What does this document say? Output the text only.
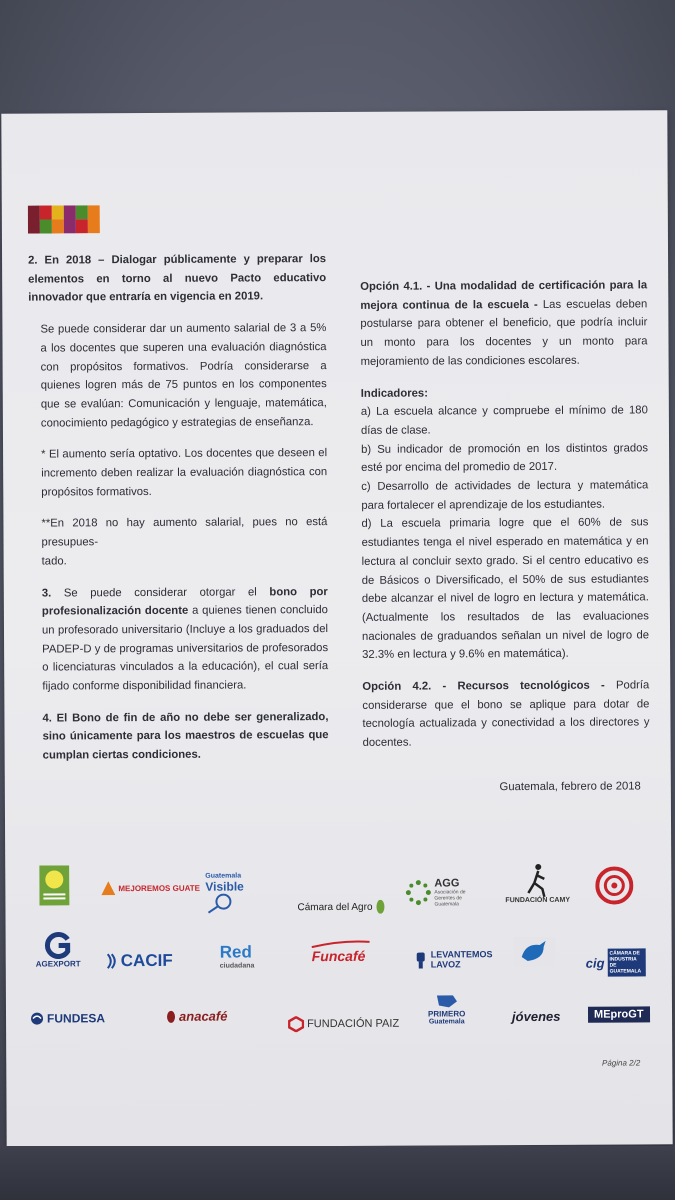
2. En 2018 – Dialogar públicamente y preparar los elementos en torno al nuevo Pacto educativo innovador que entraría en vigencia en 2019.

Se puede considerar dar un aumento salarial de 3 a 5% a los docentes que superen una evaluación diagnóstica con propósitos formativos. Podría considerarse a quienes logren más de 75 puntos en los componentes que se evalúan: Comunicación y lenguaje, matemática, conocimiento pedagógico y estrategias de enseñanza.

* El aumento sería optativo. Los docentes que deseen el incremento deben realizar la evaluación diagnóstica con propósitos formativos.

**En 2018 no hay aumento salarial, pues no está presupues-
tado.

3. Se puede considerar otorgar el bono por profesionalización docente a quienes tienen concluido un profesorado universitario (Incluye a los graduados del PADEP-D y de programas universitarios de profesorados o licenciaturas vinculados a la educación), el cual sería fijado conforme disponibilidad financiera.

4. El Bono de fin de año no debe ser generalizado, sino únicamente para los maestros de escuelas que cumplan ciertas condiciones.

Opción 4.1. - Una modalidad de certificación para la mejora continua de la escuela - Las escuelas deben postularse para obtener el beneficio, que podría incluir un monto para los docentes y un monto para mejoramiento de las condiciones escolares.

Indicadores:

a) La escuela alcance y compruebe el mínimo de 180 días de clase.

b) Su indicador de promoción en los distintos grados esté por encima del promedio de 2017.

c) Desarrollo de actividades de lectura y matemática para fortalecer el aprendizaje de los estudiantes.

d) La escuela primaria logre que el 60% de sus estudiantes tenga el nivel esperado en matemática y en lectura al concluir sexto grado. Si el centro educativo es de Básicos o Diversificado, el 50% de sus estudiantes debe alcanzar el nivel de logro en lectura y matemática. (Actualmente los resultados de las evaluaciones nacionales de graduandos señalan un nivel de logro de 32.3% en lectura y 9.6% en matemática).

Opción 4.2. - Recursos tecnológicos - Podría considerarse que el bono se aplique para dotar de tecnología actualizada y conectividad a los directores y docentes.

Guatemala, febrero de 2018
MEJOREMOS GUATE
Guatemala
Visible
Cámara del Agro
AGG
Asociación de Gerentes de Guatemala
FUNDACIÓN CAMY
AGEXPORT CACIF	Red
ciudadana
Funcafé	LEVANTEMOS LAVOZ	cig
CÁMARA DE INDUSTRIA DE GUATEMALA
FUNDESA	anacafé
FUNDACIÓN PAIZ
PRIMERO
Guatemala	jóvenes	MEproGT
Página 2/2
